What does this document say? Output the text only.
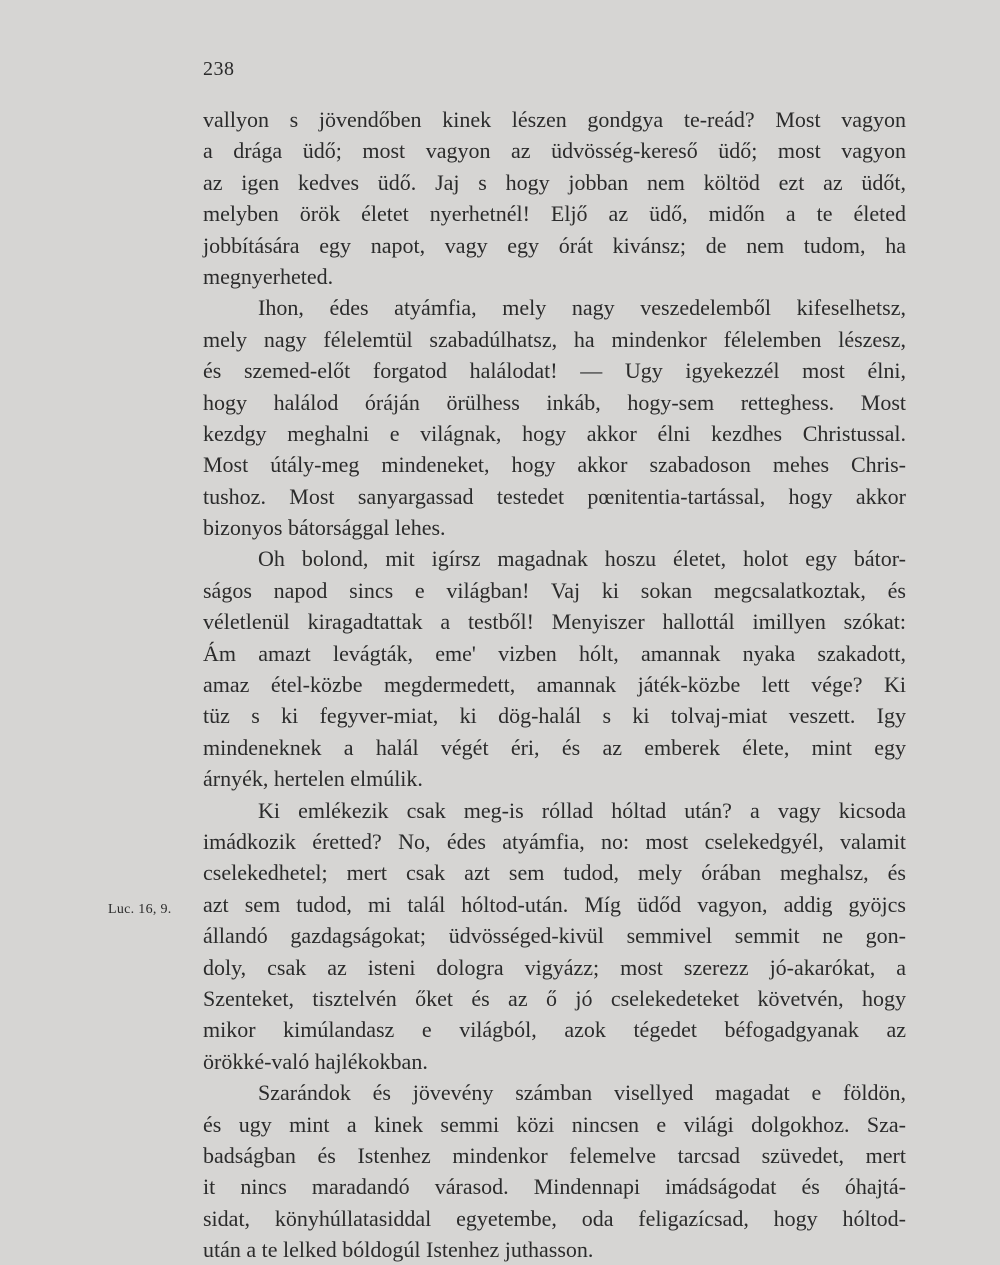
238
Luc. 16, 9.
vallyon s jövendőben kinek lészen gondgya te-reád? Most vagyon
a drága üdő; most vagyon az üdvösség-kereső üdő; most vagyon
az igen kedves üdő. Jaj s hogy jobban nem költöd ezt az üdőt,
melyben örök életet nyerhetnél! Eljő az üdő, midőn a te életed
jobbítására egy napot, vagy egy órát kivánsz; de nem tudom, ha
megnyerheted.
Ihon, édes atyámfia, mely nagy veszedelemből kifeselhetsz,
mely nagy félelemtül szabadúlhatsz, ha mindenkor félelemben lészesz,
és szemed-előt forgatod halálodat! — Ugy igyekezzél most élni,
hogy halálod óráján örülhess inkáb, hogy-sem retteghess. Most
kezdgy meghalni e világnak, hogy akkor élni kezdhes Christussal.
Most útály-meg mindeneket, hogy akkor szabadoson mehes Chris-
tushoz. Most sanyargassad testedet pœnitentia-tartással, hogy akkor
bizonyos bátorsággal lehes.
Oh bolond, mit igírsz magadnak hoszu életet, holot egy bátor-
ságos napod sincs e világban! Vaj ki sokan megcsalatkoztak, és
véletlenül kiragadtattak a testből! Menyiszer hallottál imillyen szókat:
Ám amazt levágták, eme' vizben hólt, amannak nyaka szakadott,
amaz étel-közbe megdermedett, amannak játék-közbe lett vége? Ki
tüz s ki fegyver-miat, ki dög-halál s ki tolvaj-miat veszett. Igy
mindeneknek a halál végét éri, és az emberek élete, mint egy
árnyék, hertelen elmúlik.
Ki emlékezik csak meg-is róllad hóltad után? a vagy kicsoda
imádkozik éretted? No, édes atyámfia, no: most cselekedgyél, valamit
cselekedhetel; mert csak azt sem tudod, mely órában meghalsz, és
azt sem tudod, mi talál hóltod-után. Míg üdőd vagyon, addig gyöjcs
állandó gazdagságokat; üdvösséged-kivül semmivel semmit ne gon-
doly, csak az isteni dologra vigyázz; most szerezz jó-akarókat, a
Szenteket, tisztelvén őket és az ő jó cselekedeteket követvén, hogy
mikor kimúlandasz e világból, azok tégedet béfogadgyanak az
örökké-való hajlékokban.
Szarándok és jövevény számban visellyed magadat e földön,
és ugy mint a kinek semmi közi nincsen e világi dolgokhoz. Sza-
badságban és Istenhez mindenkor felemelve tarcsad szüvedet, mert
it nincs maradandó várasod. Mindennapi imádságodat és óhajtá-
sidat, könyhúllatasiddal egyetembe, oda feligazícsad, hogy hóltod-
után a te lelked bóldogúl Istenhez juthasson.
